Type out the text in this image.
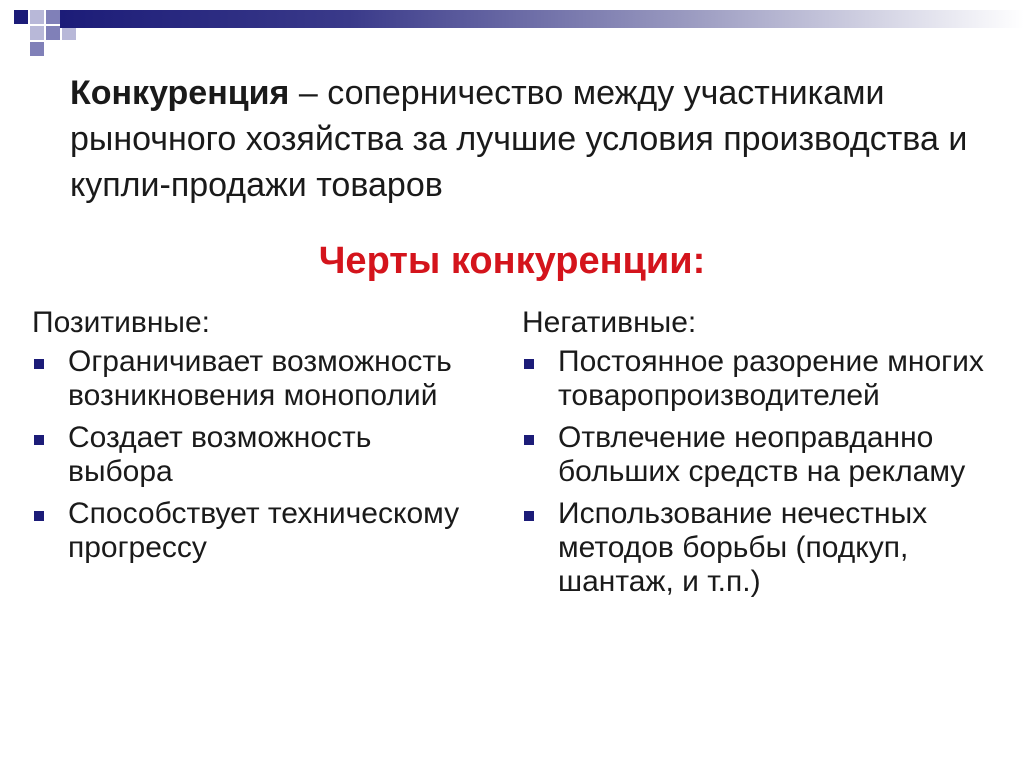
Конкуренция – соперничество между участниками рыночного хозяйства за лучшие условия производства и купли-продажи товаров
Черты конкуренции:
Позитивные:
Ограничивает возможность возникновения монополий
Создает возможность выбора
Способствует техническому прогрессу
Негативные:
Постоянное разорение многих товаропроизводителей
Отвлечение неоправданно больших средств на рекламу
Использование нечестных методов борьбы (подкуп, шантаж, и т.п.)
